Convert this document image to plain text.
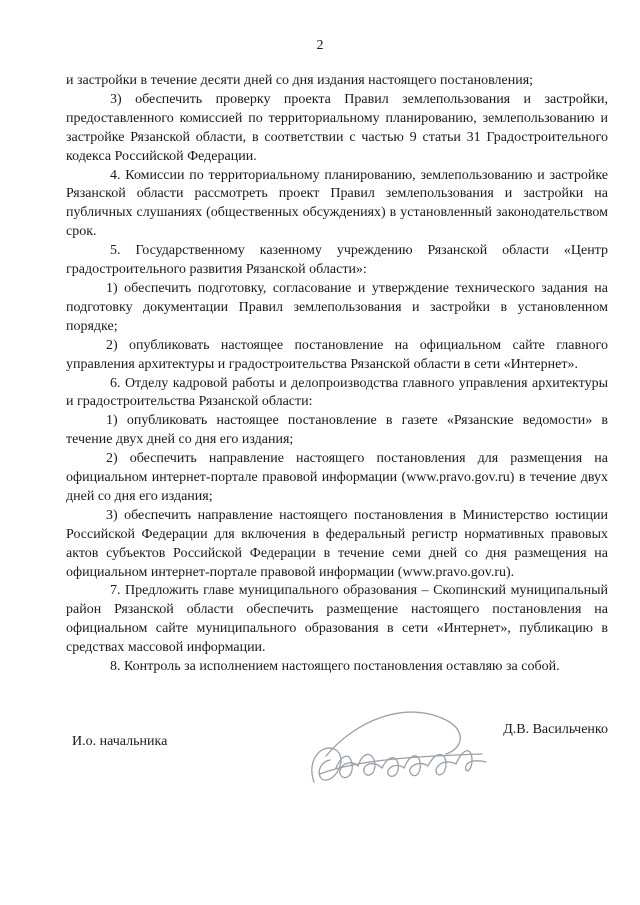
2

и застройки в течение десяти дней со дня издания настоящего постановления;

3) обеспечить проверку проекта Правил землепользования и застройки, предоставленного комиссией по территориальному планированию, землепользованию и застройке Рязанской области, в соответствии с частью 9 статьи 31 Градостроительного кодекса Российской Федерации.

4. Комиссии по территориальному планированию, землепользованию и застройке Рязанской области рассмотреть проект Правил землепользования и застройки на публичных слушаниях (общественных обсуждениях) в установленный законодательством срок.

5. Государственному казенному учреждению Рязанской области «Центр градостроительного развития Рязанской области»:

1) обеспечить подготовку, согласование и утверждение технического задания на подготовку документации Правил землепользования и застройки в установленном порядке;

2) опубликовать настоящее постановление на официальном сайте главного управления архитектуры и градостроительства Рязанской области в сети «Интернет».

6. Отделу кадровой работы и делопроизводства главного управления архитектуры и градостроительства Рязанской области:

1) опубликовать настоящее постановление в газете «Рязанские ведомости» в течение двух дней со дня его издания;

2) обеспечить направление настоящего постановления для размещения на официальном интернет-портале правовой информации (www.pravo.gov.ru) в течение двух дней со дня его издания;

3) обеспечить направление настоящего постановления в Министерство юстиции Российской Федерации для включения в федеральный регистр нормативных правовых актов субъектов Российской Федерации в течение семи дней со дня размещения на официальном интернет-портале правовой информации (www.pravo.gov.ru).

7. Предложить главе муниципального образования – Скопинский муниципальный район Рязанской области обеспечить размещение настоящего постановления на официальном сайте муниципального образования в сети «Интернет», публикацию в средствах массовой информации.

8. Контроль за исполнением настоящего постановления оставляю за собой.

И.о. начальника
Д.В. Васильченко
